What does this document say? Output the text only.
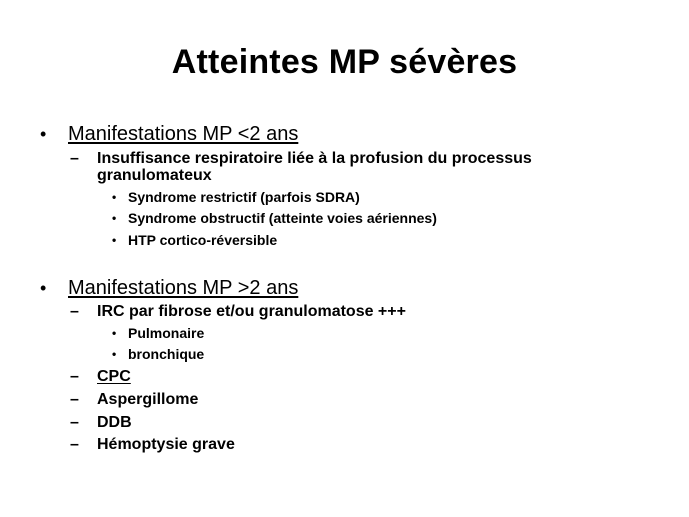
Atteintes MP sévères
• Manifestations MP <2 ans
– Insuffisance respiratoire liée à la profusion du processus
granulomateux
• Syndrome restrictif (parfois SDRA)
• Syndrome obstructif (atteinte voies aériennes)
• HTP cortico-réversible
• Manifestations MP >2 ans
– IRC par fibrose et/ou granulomatose +++
• Pulmonaire
• bronchique
– CPC
– Aspergillome
– DDB
– Hémoptysie grave
